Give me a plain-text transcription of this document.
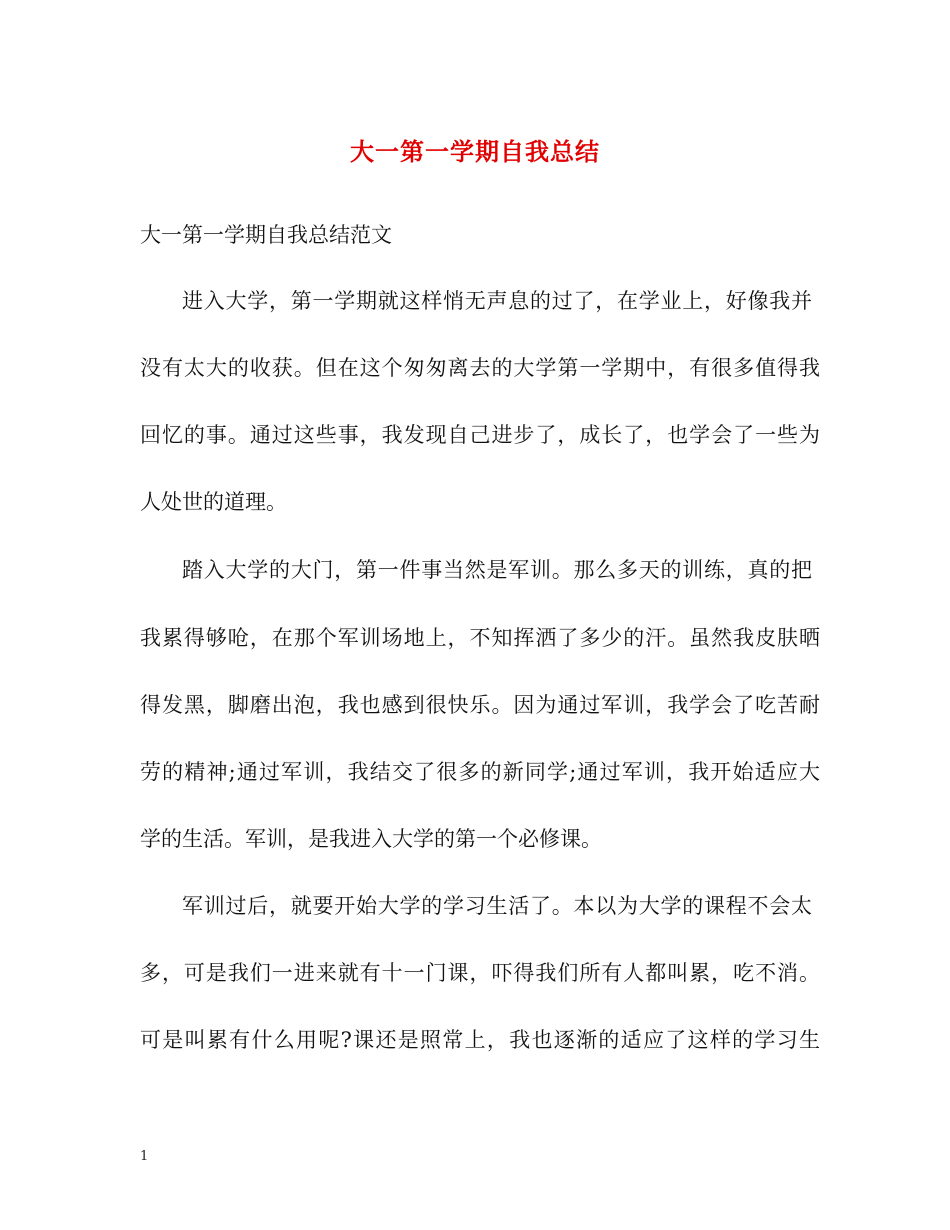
大一第一学期自我总结
大一第一学期自我总结范文
进入大学，第一学期就这样悄无声息的过了，在学业上，好像我并
没有太大的收获。但在这个匆匆离去的大学第一学期中，有很多值得我
回忆的事。通过这些事，我发现自己进步了，成长了，也学会了一些为
人处世的道理。
踏入大学的大门，第一件事当然是军训。那么多天的训练，真的把
我累得够呛，在那个军训场地上，不知挥洒了多少的汗。虽然我皮肤晒
得发黑，脚磨出泡，我也感到很快乐。因为通过军训，我学会了吃苦耐
劳的精神;通过军训，我结交了很多的新同学;通过军训，我开始适应大
学的生活。军训，是我进入大学的第一个必修课。
军训过后，就要开始大学的学习生活了。本以为大学的课程不会太
多，可是我们一进来就有十一门课，吓得我们所有人都叫累，吃不消。
可是叫累有什么用呢?课还是照常上，我也逐渐的适应了这样的学习生
1
